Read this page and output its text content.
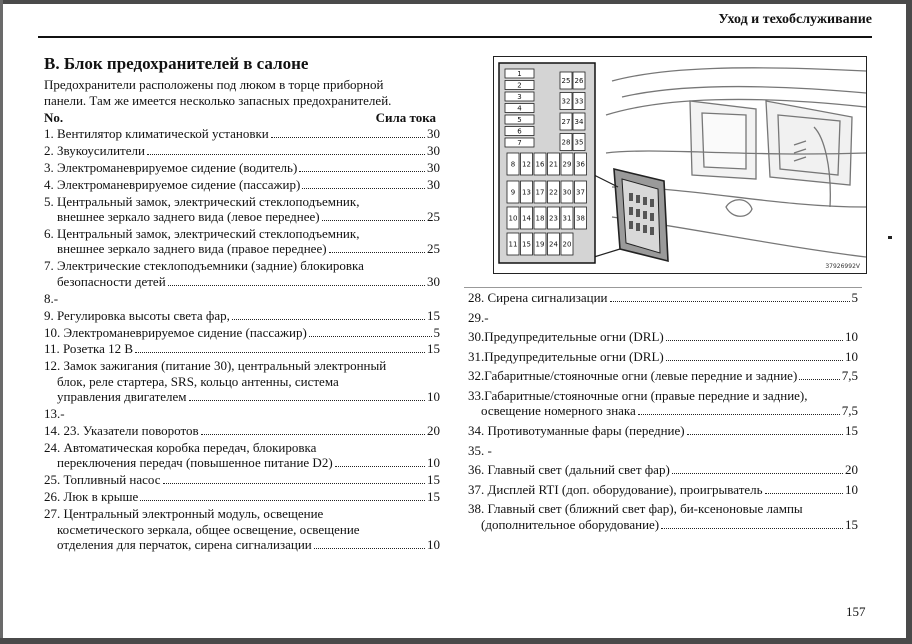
Уход и техобслуживание
B. Блок предохранителей в салоне
Предохранители расположены под люком в торце приборной
панели. Там же имеется несколько запасных предохранителей.
No.	Сила тока
1. Вентилятор климатической установки	30
2. Звукоусилители	30
3. Электроманеврируемое сидение (водитель)	30
4. Электроманеврируемое сидение (пассажир)	30
5. Центральный замок, электрический стеклоподъемник,
внешнее зеркало заднего вида (левое переднее)	25
6. Центральный замок, электрический стеклоподъемник,
внешнее зеркало заднего вида (правое переднее)	25
7. Электрические стеклоподъемники (задние) блокировка
безопасности детей	30
8.-
9. Регулировка высоты света фар,	15
10. Электроманеврируемое сидение (пассажир)	5
11. Розетка 12 В	15
12. Замок зажигания (питание 30), центральный электронный
блок, реле стартера, SRS, кольцо антенны, система
управления двигателем	10
13.-
14. 23. Указатели поворотов	20
24. Автоматическая коробка передач, блокировка
переключения передач (повышенное питание D2)	10
25. Топливный насос	15
26. Люк в крыше	15
27. Центральный электронный модуль, освещение
косметического зеркала, общее освещение, освещение
отделения для перчаток, сирена сигнализации	10
1
2
3
4
5
6
7
25 26
32 33
27 34
28 35
8 12 16 21 29 36
9 13 17 22 30 37
10 14 18 23 31 38
11 15 19 24 20
37926992V
28. Сирена сигнализации	5
29.-
30.Предупредительные огни (DRL)	10
31.Предупредительные огни (DRL)	10
32.Габаритные/стояночные огни (левые передние и задние)	7,5
33.Габаритные/стояночные огни (правые передние и задние),
освещение номерного знака	7,5
34. Противотуманные фары (передние)	15
35. -
36. Главный свет (дальний свет фар)	20
37. Дисплей RTI (доп. оборудование), проигрыватель	10
38. Главный свет (ближний свет фар), би-ксеноновые лампы
(дополнительное оборудование)	15
157
